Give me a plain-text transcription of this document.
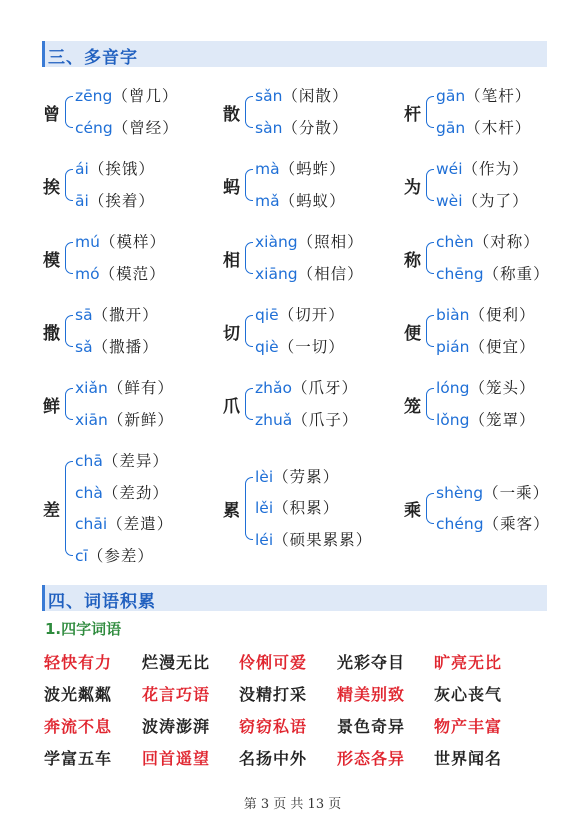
三、多音字
曾
zēng（曾几）
céng（曾经）
散
sǎn（闲散）
sàn（分散）
杆
gān（笔杆）
gān（木杆）
挨
ái（挨饿）
āi（挨着）
蚂
mà（蚂蚱）
mǎ（蚂蚁）
为
wéi（作为）
wèi（为了）
模
mú（模样）
mó（模范）
相
xiàng（照相）
xiāng（相信）
称
chèn（对称）
chēng（称重）
撒
sā（撒开）
sǎ（撒播）
切
qiē（切开）
qiè（一切）
便
biàn（便利）
pián（便宜）
鲜
xiǎn（鲜有）
xiān（新鲜）
爪
zhǎo（爪牙）
zhuǎ（爪子）
笼
lóng（笼头）
lǒng（笼罩）
差
chā（差异）
chà（差劲）
chāi（差遣）
cī（参差）
累
lèi（劳累）
lěi（积累）
léi（硕果累累）
乘
shèng（一乘）
chéng（乘客）
四、词语积累
1.四字词语
轻快有力 烂漫无比 伶俐可爱 光彩夺目 旷亮无比
波光粼粼 花言巧语 没精打采 精美别致 灰心丧气
奔流不息 波涛澎湃 窃窃私语 景色奇异 物产丰富
学富五车 回首遥望 名扬中外 形态各异 世界闻名
第 3 页 共 13 页
